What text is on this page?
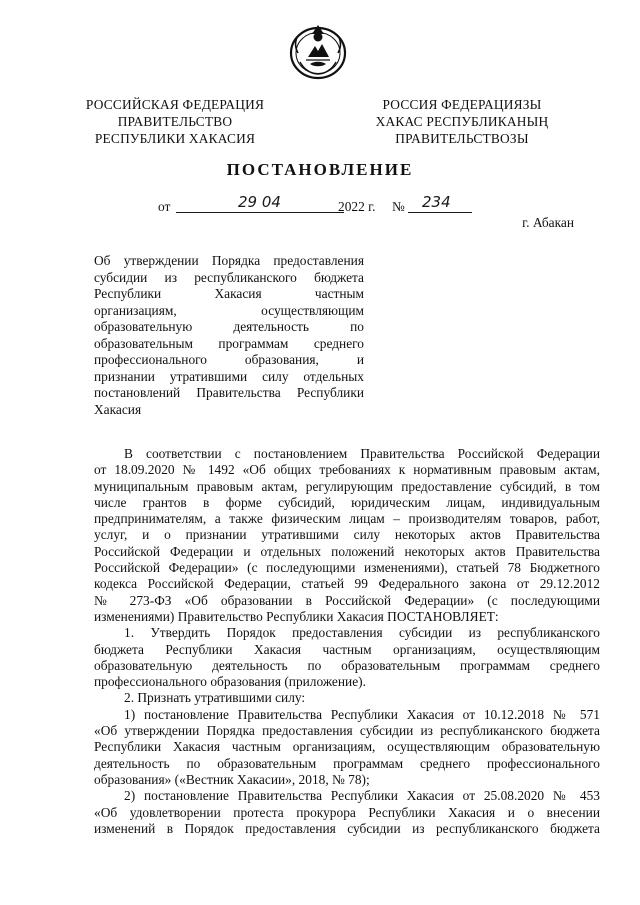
РОССИЙСКАЯ ФЕДЕРАЦИЯ
ПРАВИТЕЛЬСТВО
РЕСПУБЛИКИ ХАКАСИЯ
РОССИЯ ФЕДЕРАЦИЯЗЫ
ХАКАС РЕСПУБЛИКАНЫҢ
ПРАВИТЕЛЬСТВОЗЫ
ПОСТАНОВЛЕНИЕ
от	29 04	2022 г. № 234
г. Абакан
Об утверждении Порядка предоставления
субсидии из республиканского бюджета
Республики Хакасия частным
организациям, осуществляющим
образовательную деятельность по
образовательным программам среднего
профессионального образования, и
признании утратившими силу отдельных
постановлений Правительства Республики
Хакасия
В соответствии с постановлением Правительства Российской Федерации
от 18.09.2020 № 1492 «Об общих требованиях к нормативным правовым актам,
муниципальным правовым актам, регулирующим предоставление субсидий, в том
числе грантов в форме субсидий, юридическим лицам, индивидуальным
предпринимателям, а также физическим лицам – производителям товаров, работ,
услуг, и о признании утратившими силу некоторых актов Правительства
Российской Федерации и отдельных положений некоторых актов Правительства
Российской Федерации» (с последующими изменениями), статьей 78 Бюджетного
кодекса Российской Федерации, статьей 99 Федерального закона от 29.12.2012
№ 273-ФЗ «Об образовании в Российской Федерации» (с последующими
изменениями) Правительство Республики Хакасия ПОСТАНОВЛЯЕТ:
1. Утвердить Порядок предоставления субсидии из республиканского
бюджета Республики Хакасия частным организациям, осуществляющим
образовательную деятельность по образовательным программам среднего
профессионального образования (приложение).
2. Признать утратившими силу:
1) постановление Правительства Республики Хакасия от 10.12.2018 № 571
«Об утверждении Порядка предоставления субсидии из республиканского бюджета
Республики Хакасия частным организациям, осуществляющим образовательную
деятельность по образовательным программам среднего профессионального
образования» («Вестник Хакасии», 2018, № 78);
2) постановление Правительства Республики Хакасия от 25.08.2020 № 453
«Об удовлетворении протеста прокурора Республики Хакасия и о внесении
изменений в Порядок предоставления субсидии из республиканского бюджета
